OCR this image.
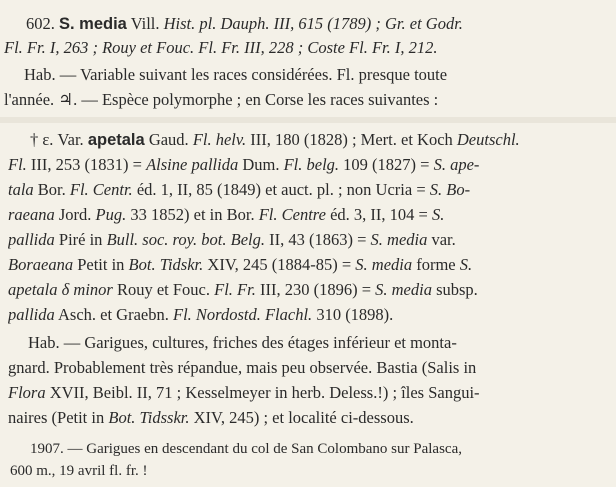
602. S. media Vill. Hist. pl. Dauph. III, 615 (1789) ; Gr. et Godr.
Fl. Fr. I, 263 ; Rouy et Fouc. Fl. Fr. III, 228 ; Coste Fl. Fr. I, 212.
Hab. — Variable suivant les races considérées. Fl. presque toute
l'année. ♃. — Espèce polymorphe ; en Corse les races suivantes :
† ε. Var. apetala Gaud. Fl. helv. III, 180 (1828) ; Mert. et Koch Deutschl.
Fl. III, 253 (1831) = Alsine pallida Dum. Fl. belg. 109 (1827) = S. ape-
tala Bor. Fl. Centr. éd. 1, II, 85 (1849) et auct. pl. ; non Ucria = S. Bo-
raeana Jord. Pug. 33 1852) et in Bor. Fl. Centre éd. 3, II, 104 = S.
pallida Piré in Bull. soc. roy. bot. Belg. II, 43 (1863) = S. media var.
Boraeana Petit in Bot. Tidskr. XIV, 245 (1884-85) = S. media forme S.
apetala δ minor Rouy et Fouc. Fl. Fr. III, 230 (1896) = S. media subsp.
pallida Asch. et Graebn. Fl. Nordostd. Flachl. 310 (1898).
Hab. — Garigues, cultures, friches des étages inférieur et monta-
gnard. Probablement très répandue, mais peu observée. Bastia (Salis in
Flora XVII, Beibl. II, 71 ; Kesselmeyer in herb. Deless.!) ; îles Sangui-
naires (Petit in Bot. Tidsskr. XIV, 245) ; et localité ci-dessous.
1907. — Garigues en descendant du col de San Colombano sur Palasca,
600 m., 19 avril fl. fr. !
